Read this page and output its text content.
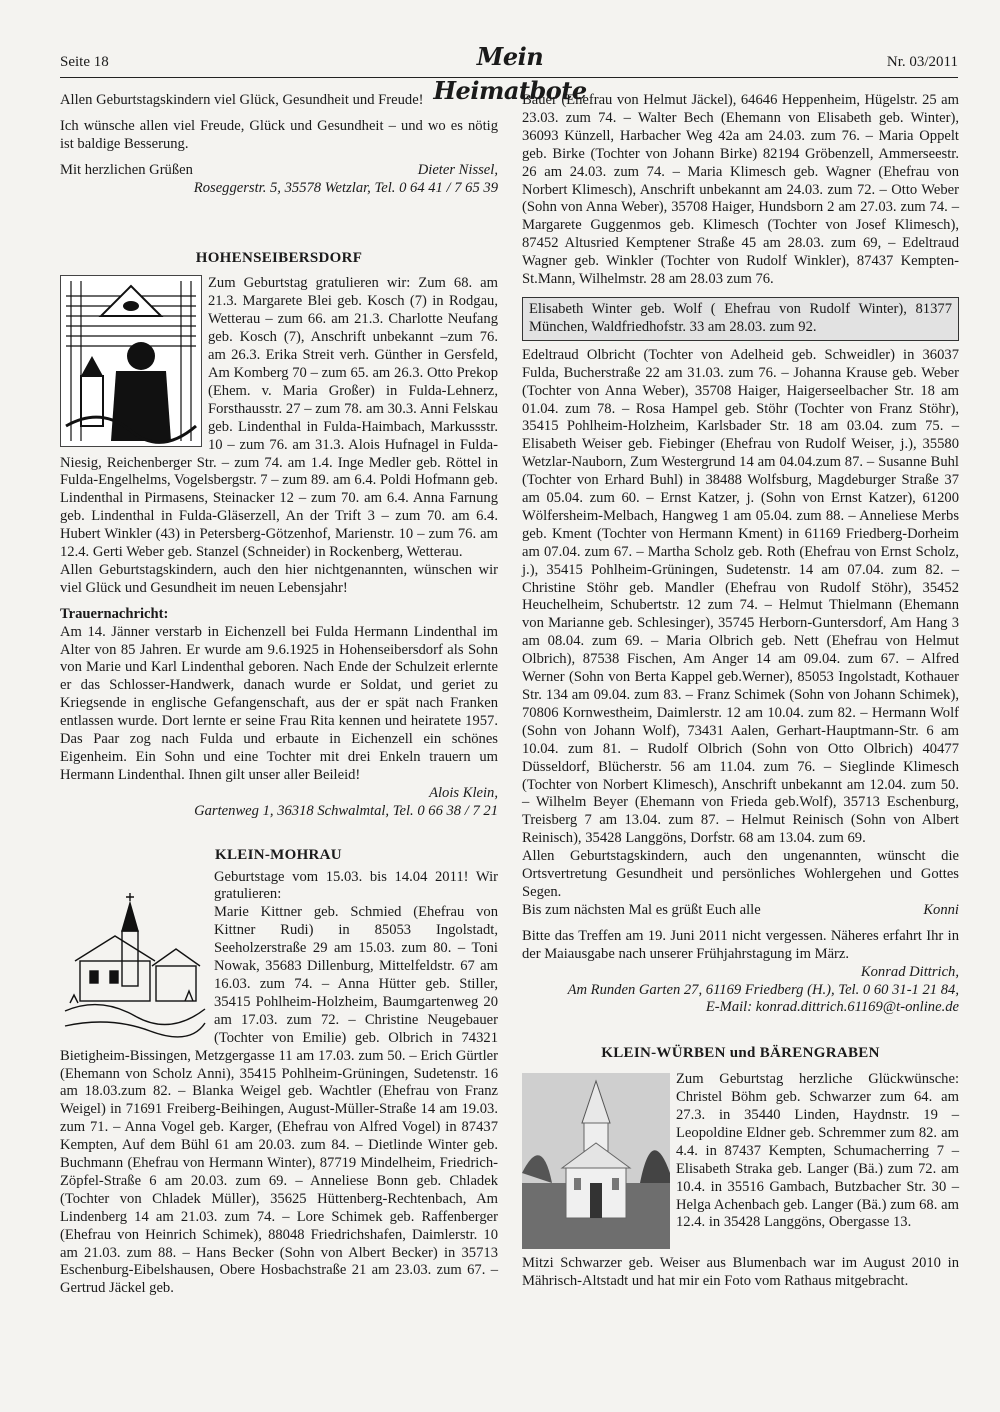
Seite 18	Mein Heimatbote
Nr. 03/2011

Allen Geburtstagskindern viel Glück, Gesundheit und Freude!

Ich wünsche allen viel Freude, Glück und Gesundheit – und wo es nötig ist baldige Besserung.

Mit herzlichen Grüßen	Dieter Nissel,

Roseggerstr. 5, 35578 Wetzlar, Tel. 0 64 41 / 7 65 39

HOHENSEIBERSDORF

Zum Geburtstag gratulieren wir: Zum 68. am 21.3. Margarete Blei geb. Kosch (7) in Rodgau, Wetterau – zum 66. am 21.3. Charlotte Neufang geb. Kosch (7), Anschrift unbekannt –zum 76. am 26.3. Erika Streit verh. Günther in Gersfeld, Am Komberg 70 – zum 65. am 26.3. Otto Prekop (Ehem. v. Maria Großer) in Fulda-Lehnerz, Forsthausstr. 27 – zum 78. am 30.3. Anni Felskau geb. Lindenthal in Fulda-Haimbach, Markussstr. 10 – zum 76. am 31.3. Alois Hufnagel in Fulda-Niesig, Reichenberger Str. – zum 74. am 1.4. Inge Medler geb. Röttel in Fulda-Engelhelms, Vogelsbergstr. 7 – zum 89. am 6.4. Poldi Hofmann geb. Lindenthal in Pirmasens, Steinacker 12 – zum 70. am 6.4. Anna Farnung geb. Lindenthal in Fulda-Gläserzell, An der Trift 3 – zum 70. am 6.4. Hubert Winkler (43) in Petersberg-Götzenhof, Marienstr. 10 – zum 76. am 12.4. Gerti Weber geb. Stanzel (Schneider) in Rockenberg, Wetterau.

Allen Geburtstagskindern, auch den hier nichtgenannten, wünschen wir viel Glück und Gesundheit im neuen Lebensjahr!

Trauernachricht:

Am 14. Jänner verstarb in Eichenzell bei Fulda Hermann Lindenthal im Alter von 85 Jahren. Er wurde am 9.6.1925 in Hohenseibersdorf als Sohn von Marie und Karl Lindenthal geboren. Nach Ende der Schulzeit erlernte er das Schlosser-Handwerk, danach wurde er Soldat, und geriet zu Kriegsende in englische Gefangenschaft, aus der er spät nach Franken entlassen wurde. Dort lernte er seine Frau Rita kennen und heiratete 1957. Das Paar zog nach Fulda und erbaute in Eichenzell ein schönes Eigenheim. Ein Sohn und eine Tochter mit drei Enkeln trauern um Hermann Lindenthal. Ihnen gilt unser aller Beileid!

Alois Klein,

Gartenweg 1, 36318 Schwalmtal, Tel. 0 66 38 / 7 21

KLEIN-MOHRAU

Geburtstage vom 15.03. bis 14.04 2011! Wir gratulieren:

Marie Kittner geb. Schmied (Ehefrau von Kittner Rudi) in 85053 Ingolstadt, Seeholzerstraße 29 am 15.03. zum 80. – Toni Nowak, 35683 Dillenburg, Mittelfeldstr. 67 am 16.03. zum 74. – Anna Hütter geb. Stiller, 35415 Pohlheim-Holzheim, Baumgartenweg 20 am 17.03. zum 72. – Christine Neugebauer (Tochter von Emilie) geb. Olbrich in 74321 Bietigheim-Bissingen, Metzgergasse 11 am 17.03. zum 50. – Erich Gürtler (Ehemann von Scholz Anni), 35415 Pohlheim-Grüningen, Sudetenstr. 16 am 18.03.zum 82. – Blanka Weigel geb. Wachtler (Ehefrau von Franz Weigel) in 71691 Freiberg-Beihingen, August-Müller-Straße 14 am 19.03. zum 71. – Anna Vogel geb. Karger, (Ehefrau von Alfred Vogel) in 87437 Kempten, Auf dem Bühl 61 am 20.03. zum 84. – Dietlinde Winter geb. Buchmann (Ehefrau von Hermann Winter), 87719 Mindelheim, Friedrich-Zöpfel-Straße 6 am 20.03. zum 69. – Anneliese Bonn geb. Chladek (Tochter von Chladek Müller), 35625 Hüttenberg-Rechtenbach, Am Lindenberg 14 am 21.03. zum 74. – Lore Schimek geb. Raffenberger (Ehefrau von Heinrich Schimek), 88048 Friedrichshafen, Daimlerstr. 10 am 21.03. zum 88. – Hans Becker (Sohn von Albert Becker) in 35713 Eschenburg-Eibelshausen, Obere Hosbachstraße 21 am 23.03. zum 67. – Gertrud Jäckel geb.

Bauer (Ehefrau von Helmut Jäckel), 64646 Heppenheim, Hügelstr. 25 am 23.03. zum 74. – Walter Bech (Ehemann von Elisabeth geb. Winter), 36093 Künzell, Harbacher Weg 42a am 24.03. zum 76. – Maria Oppelt geb. Birke (Tochter von Johann Birke) 82194 Gröbenzell, Ammerseestr. 26 am 24.03. zum 74. – Maria Klimesch geb. Wagner (Ehefrau von Norbert Klimesch), Anschrift unbekannt am 24.03. zum 72. – Otto Weber (Sohn von Anna Weber), 35708 Haiger, Hundsborn 2 am 27.03. zum 74. – Margarete Guggenmos geb. Klimesch (Tochter von Josef Klimesch), 87452 Altusried Kemptener Straße 45 am 28.03. zum 69, – Edeltraud Wagner geb. Winkler (Tochter von Rudolf Winkler), 87437 Kempten-St.Mann, Wilhelmstr. 28 am 28.03 zum 76.

Elisabeth Winter geb. Wolf ( Ehefrau von Rudolf Winter), 81377 München, Waldfriedhofstr. 33 am 28.03. zum 92.

Edeltraud Olbricht (Tochter von Adelheid geb. Schweidler) in 36037 Fulda, Bucherstraße 22 am 31.03. zum 76. – Johanna Krause geb. Weber (Tochter von Anna Weber), 35708 Haiger, Haigerseelbacher Str. 18 am 01.04. zum 78. – Rosa Hampel geb. Stöhr (Tochter von Franz Stöhr), 35415 Pohlheim-Holzheim, Karlsbader Str. 18 am 03.04. zum 75. – Elisabeth Weiser geb. Fiebinger (Ehefrau von Rudolf Weiser, j.), 35580 Wetzlar-Nauborn, Zum Westergrund 14 am 04.04.zum 87. – Susanne Buhl (Tochter von Erhard Buhl) in 38488 Wolfsburg, Magdeburger Straße 37 am 05.04. zum 60. – Ernst Katzer, j. (Sohn von Ernst Katzer), 61200 Wölfersheim-Melbach, Hangweg 1 am 05.04. zum 88. – Anneliese Merbs geb. Kment (Tochter von Hermann Kment) in 61169 Friedberg-Dorheim am 07.04. zum 67. – Martha Scholz geb. Roth (Ehefrau von Ernst Scholz, j.), 35415 Pohlheim-Grüningen, Sudetenstr. 14 am 07.04. zum 82. – Christine Stöhr geb. Mandler (Ehefrau von Rudolf Stöhr), 35452 Heuchelheim, Schubertstr. 12 zum 74. – Helmut Thielmann (Ehemann von Marianne geb. Schlesinger), 35745 Herborn-Guntersdorf, Am Hang 3 am 08.04. zum 69. – Maria Olbrich geb. Nett (Ehefrau von Helmut Olbrich), 87538 Fischen, Am Anger 14 am 09.04. zum 67. – Alfred Werner (Sohn von Berta Kappel geb.Werner), 85053 Ingolstadt, Kothauer Str. 134 am 09.04. zum 83. – Franz Schimek (Sohn von Johann Schimek), 70806 Kornwestheim, Daimlerstr. 12 am 10.04. zum 82. – Hermann Wolf (Sohn von Johann Wolf), 73431 Aalen, Gerhart-Hauptmann-Str. 6 am 10.04. zum 81. – Rudolf Olbrich (Sohn von Otto Olbrich) 40477 Düsseldorf, Blücherstr. 56 am 11.04. zum 76. – Sieglinde Klimesch (Tochter von Norbert Klimesch), Anschrift unbekannt am 12.04. zum 50. – Wilhelm Beyer (Ehemann von Frieda geb.Wolf), 35713 Eschenburg, Treisberg 7 am 13.04. zum 87. – Helmut Reinisch (Sohn von Albert Reinisch), 35428 Langgöns, Dorfstr. 68 am 13.04. zum 69.

Allen Geburtstagskindern, auch den ungenannten, wünscht die Ortsvertretung Gesundheit und persönliches Wohlergehen und Gottes Segen.

Bis zum nächsten Mal es grüßt Euch alle	Konni

Bitte das Treffen am 19. Juni 2011 nicht vergessen. Näheres erfahrt Ihr in der Maiausgabe nach unserer Frühjahrstagung im März.

Konrad Dittrich,

Am Runden Garten 27, 61169 Friedberg (H.), Tel. 0 60 31-1 21 84,

E-Mail: konrad.dittrich.61169@t-online.de

KLEIN-WÜRBEN und BÄRENGRABEN

Zum Geburtstag herzliche Glückwünsche: Christel Böhm geb. Schwarzer zum 64. am 27.3. in 35440 Linden, Haydnstr. 19 – Leopoldine Eldner geb. Schremmer zum 82. am 4.4. in 87437 Kempten, Schumacherring 7 – Elisabeth Straka geb. Langer (Bä.) zum 72. am 10.4. in 35516 Gambach, Butzbacher Str. 30 – Helga Achenbach geb. Langer (Bä.) zum 68. am 12.4. in 35428 Langgöns, Obergasse 13.

Mitzi Schwarzer geb. Weiser aus Blumenbach war im August 2010 in Mährisch-Altstadt und hat mir ein Foto vom Rathaus mitgebracht.
